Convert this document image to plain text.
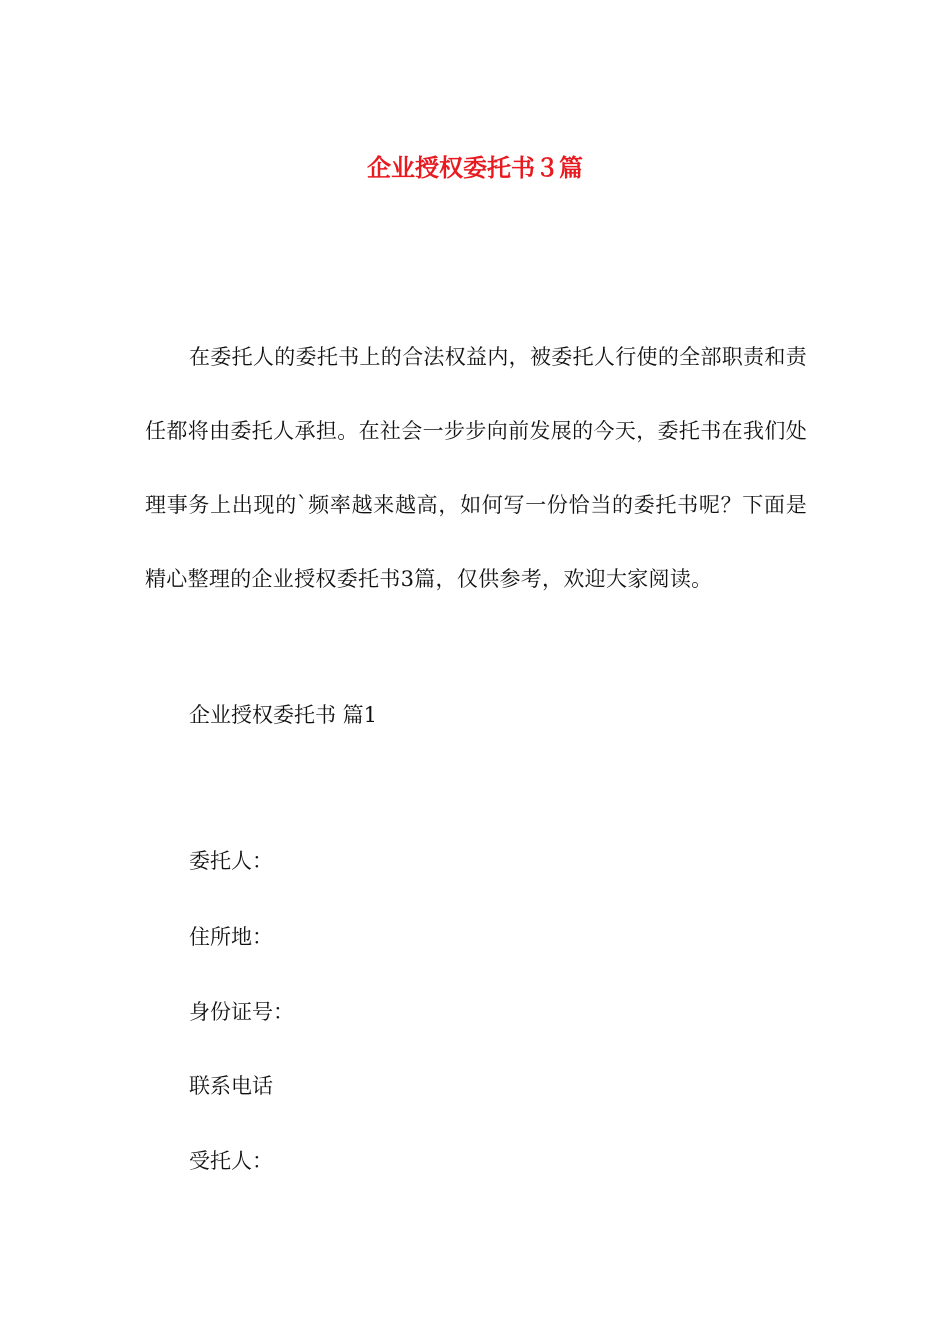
企业授权委托书３篇

在委托人的委托书上的合法权益内，被委托人行使的全部职责和责任都将由委托人承担。在社会一步步向前发展的今天，委托书在我们处理事务上出现的`频率越来越高，如何写一份恰当的委托书呢？下面是精心整理的企业授权委托书3篇，仅供参考，欢迎大家阅读。

企业授权委托书 篇1

委托人：

住所地：

身份证号：

联系电话

受托人：
